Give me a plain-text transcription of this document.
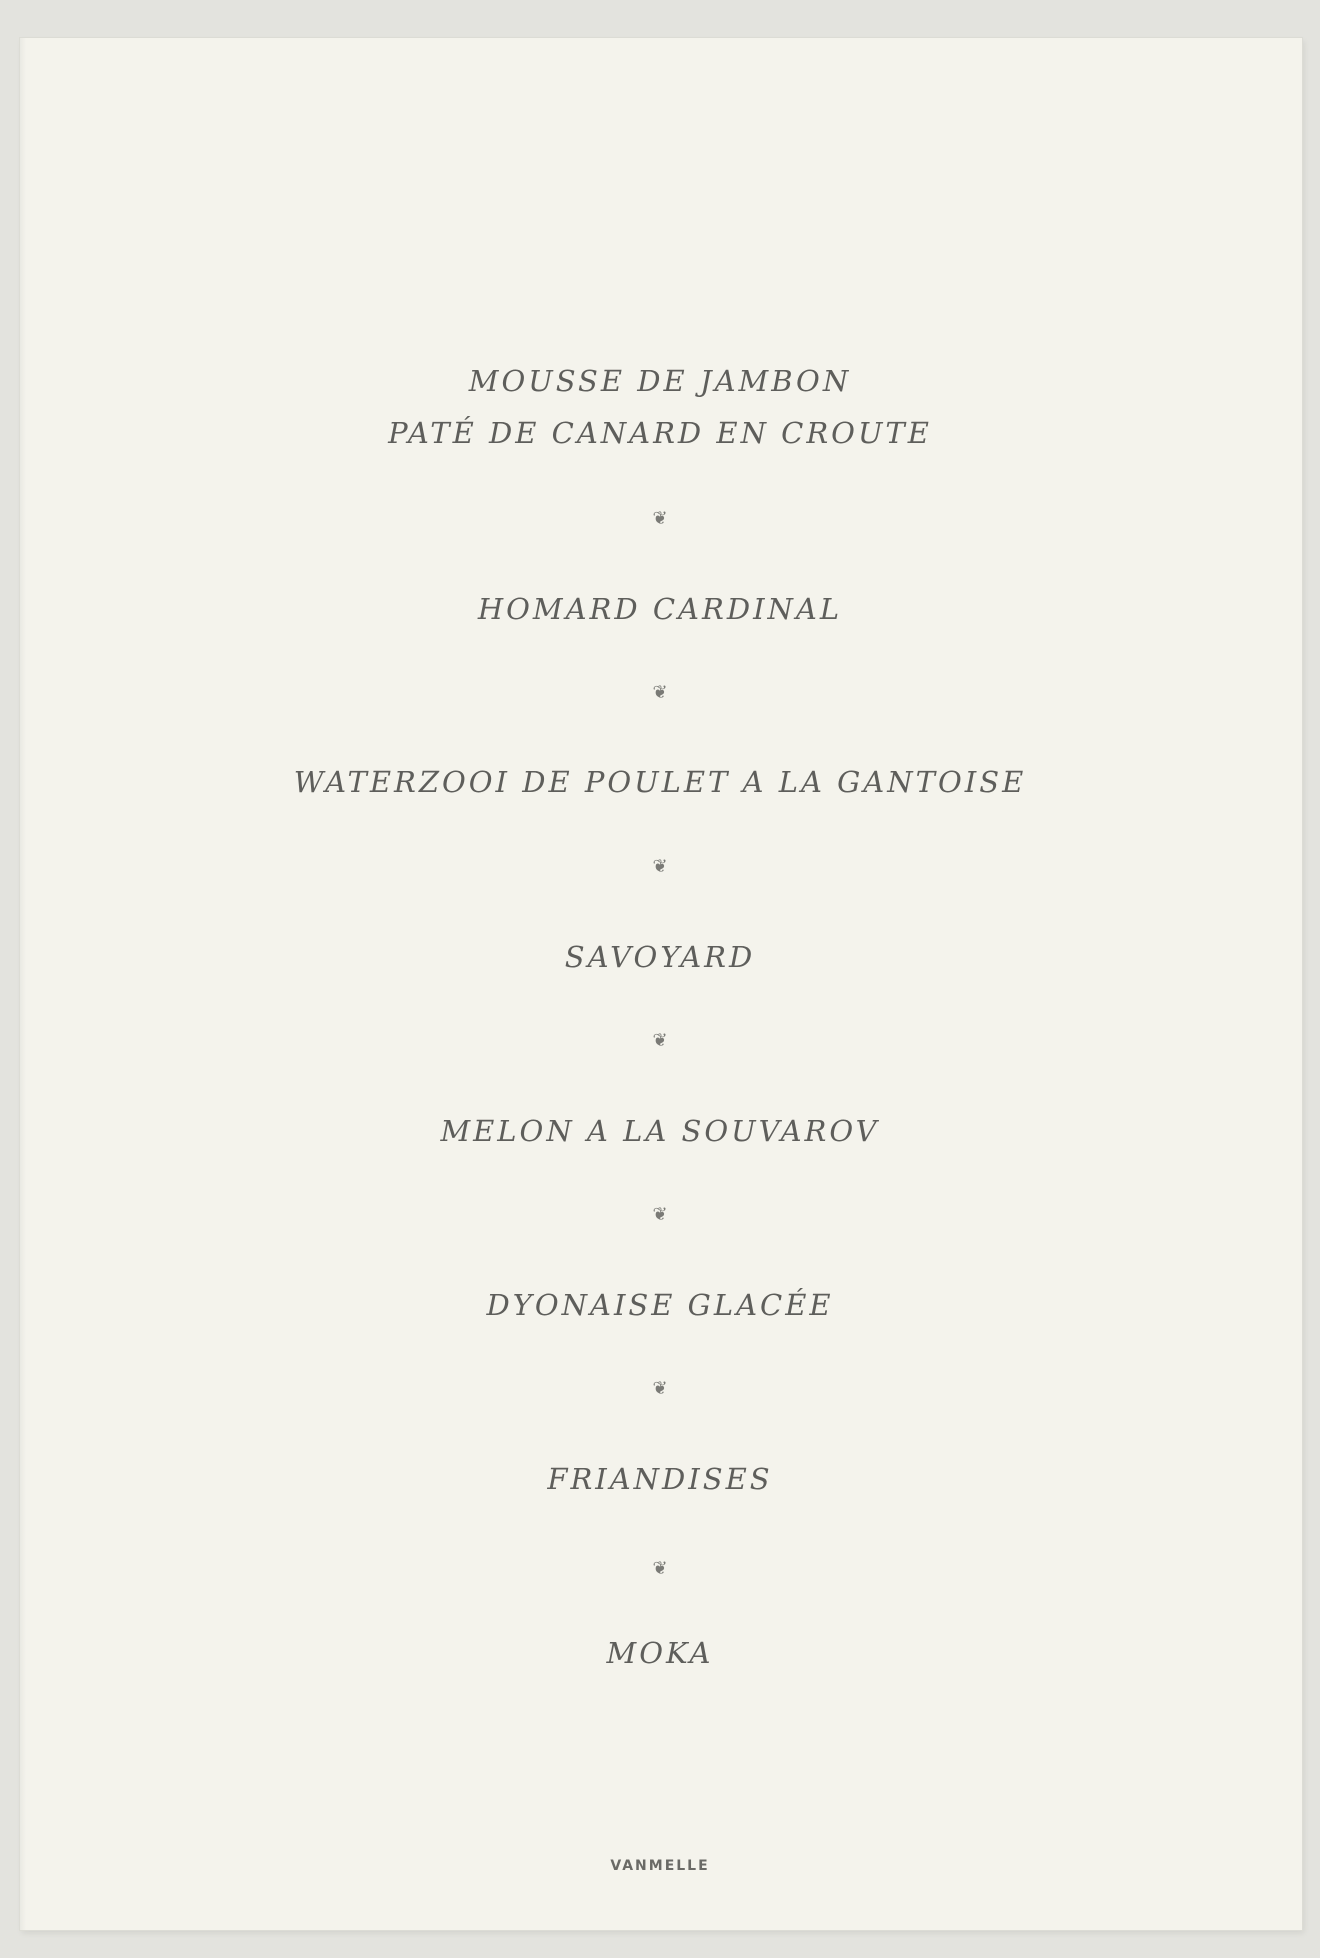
MOUSSE DE JAMBON
PATÉ DE CANARD EN CROUTE
❦
HOMARD CARDINAL
❦
WATERZOOI DE POULET A LA GANTOISE
❦
SAVOYARD
❦
MELON A LA SOUVAROV
❦
DYONAISE GLACÉE
❦
FRIANDISES
❦
MOKA
VANMELLE
